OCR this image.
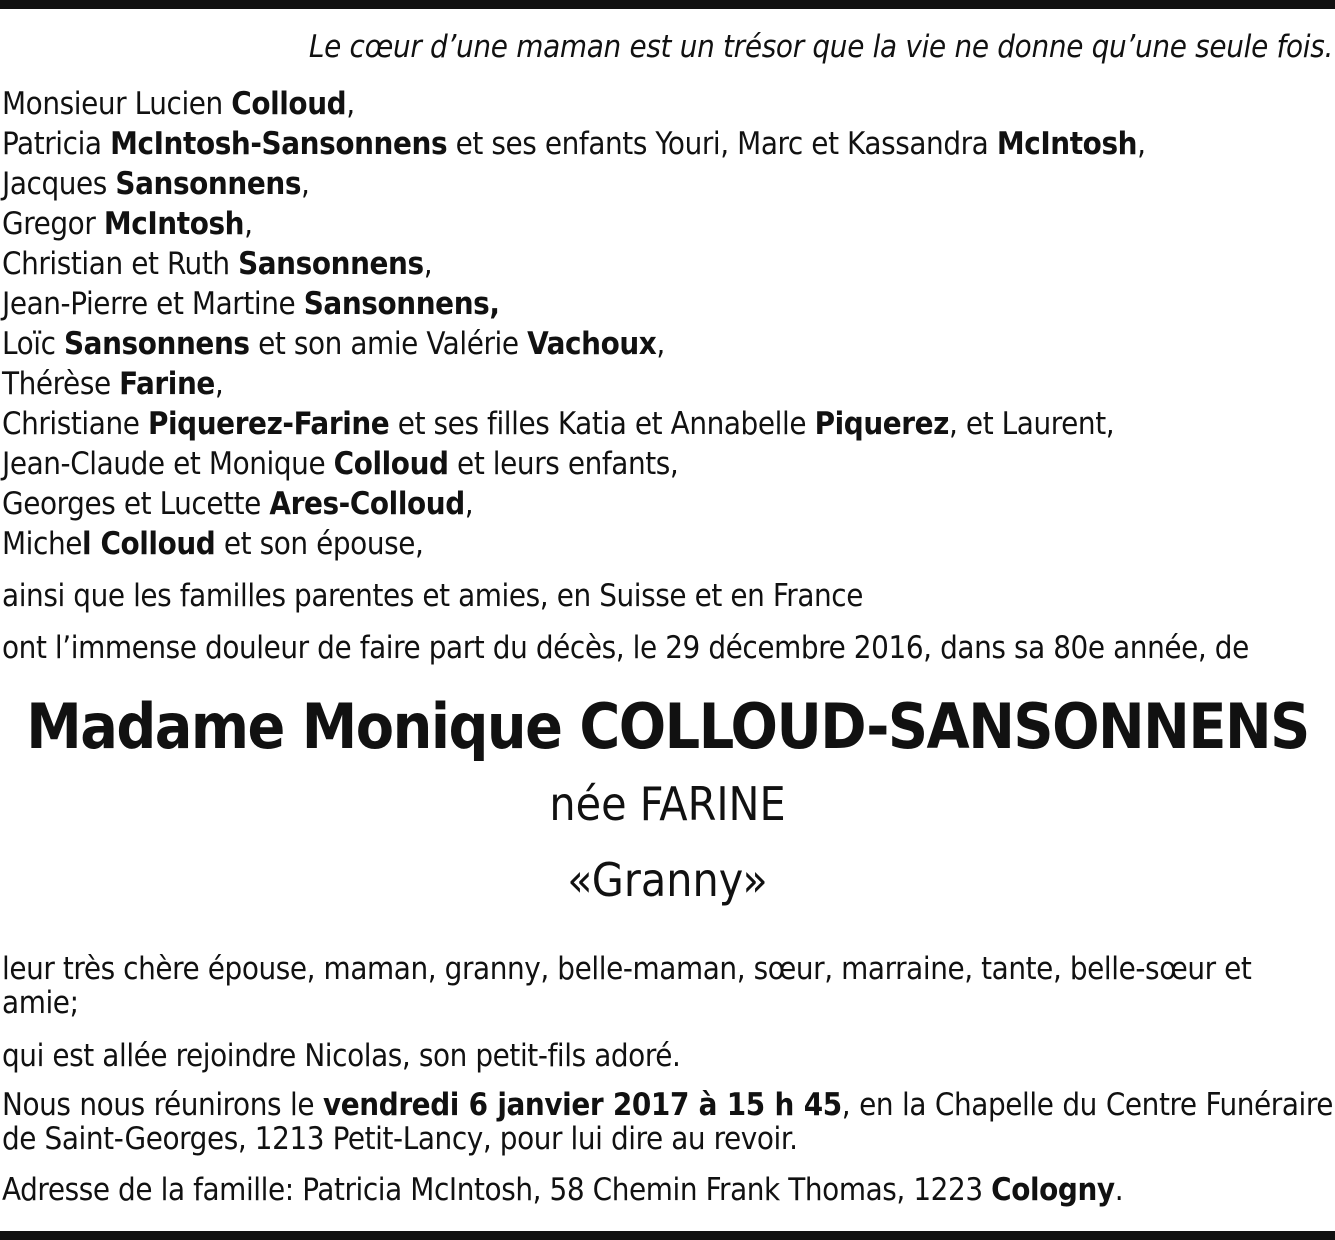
Le cœur d’une maman est un trésor que la vie ne donne qu’une seule fois.

Monsieur Lucien Colloud,
Patricia McIntosh-Sansonnens et ses enfants Youri, Marc et Kassandra McIntosh,
Jacques Sansonnens,
Gregor McIntosh,
Christian et Ruth Sansonnens,
Jean-Pierre et Martine Sansonnens,
Loïc Sansonnens et son amie Valérie Vachoux,
Thérèse Farine,
Christiane Piquerez-Farine et ses filles Katia et Annabelle Piquerez, et Laurent,
Jean-Claude et Monique Colloud et leurs enfants,
Georges et Lucette Ares-Colloud,
Michel Colloud et son épouse,

ainsi que les familles parentes et amies, en Suisse et en France

ont l’immense douleur de faire part du décès, le 29 décembre 2016, dans sa 80e année, de

Madame Monique COLLOUD-SANSONNENS
née FARINE
«Granny»

leur très chère épouse, maman, granny, belle-maman, sœur, marraine, tante, belle-sœur et amie;

qui est allée rejoindre Nicolas, son petit-fils adoré.

Nous nous réunirons le vendredi 6 janvier 2017 à 15 h 45, en la Chapelle du Centre Funéraire de Saint-Georges, 1213 Petit-Lancy, pour lui dire au revoir.

Adresse de la famille: Patricia McIntosh, 58 Chemin Frank Thomas, 1223 Cologny.
